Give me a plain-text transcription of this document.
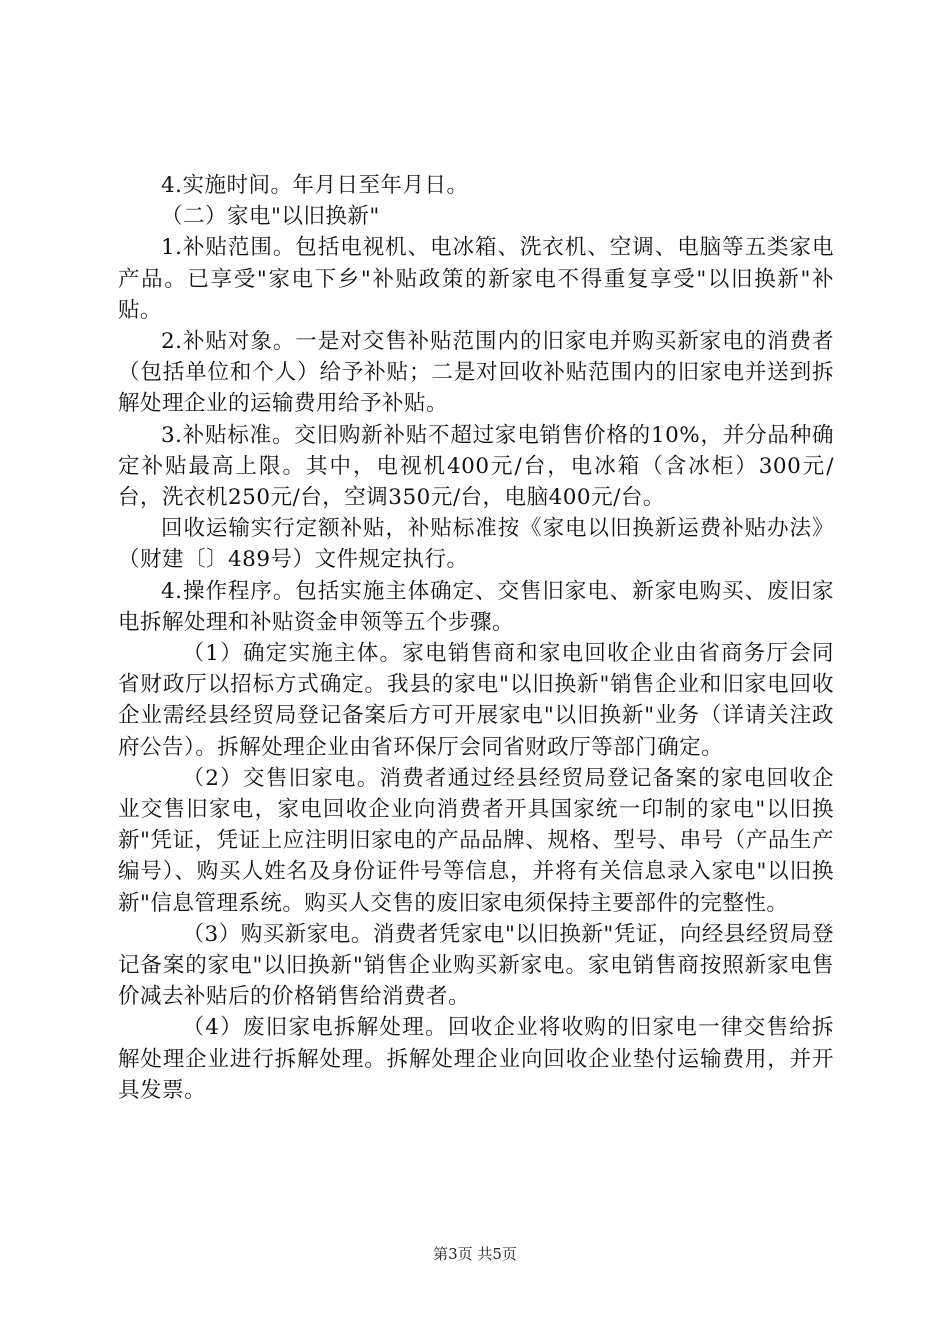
4.实施时间。年月日至年月日。

（二）家电"以旧换新"

1.补贴范围。包括电视机、电冰箱、洗衣机、空调、电脑等五类家电产品。已享受"家电下乡"补贴政策的新家电不得重复享受"以旧换新"补贴。

2.补贴对象。一是对交售补贴范围内的旧家电并购买新家电的消费者（包括单位和个人）给予补贴；二是对回收补贴范围内的旧家电并送到拆解处理企业的运输费用给予补贴。

3.补贴标准。交旧购新补贴不超过家电销售价格的10%，并分品种确定补贴最高上限。其中，电视机400元/台，电冰箱（含冰柜）300元/台，洗衣机250元/台，空调350元/台，电脑400元/台。

回收运输实行定额补贴，补贴标准按《家电以旧换新运费补贴办法》（财建〔〕489号）文件规定执行。

4.操作程序。包括实施主体确定、交售旧家电、新家电购买、废旧家电拆解处理和补贴资金申领等五个步骤。

（1）确定实施主体。家电销售商和家电回收企业由省商务厅会同省财政厅以招标方式确定。我县的家电"以旧换新"销售企业和旧家电回收企业需经县经贸局登记备案后方可开展家电"以旧换新"业务（详请关注政府公告）。拆解处理企业由省环保厅会同省财政厅等部门确定。

（2）交售旧家电。消费者通过经县经贸局登记备案的家电回收企业交售旧家电，家电回收企业向消费者开具国家统一印制的家电"以旧换新"凭证，凭证上应注明旧家电的产品品牌、规格、型号、串号（产品生产编号）、购买人姓名及身份证件号等信息，并将有关信息录入家电"以旧换新"信息管理系统。购买人交售的废旧家电须保持主要部件的完整性。

（3）购买新家电。消费者凭家电"以旧换新"凭证，向经县经贸局登记备案的家电"以旧换新"销售企业购买新家电。家电销售商按照新家电售价减去补贴后的价格销售给消费者。

（4）废旧家电拆解处理。回收企业将收购的旧家电一律交售给拆解处理企业进行拆解处理。拆解处理企业向回收企业垫付运输费用，并开具发票。

第3页 共5页
